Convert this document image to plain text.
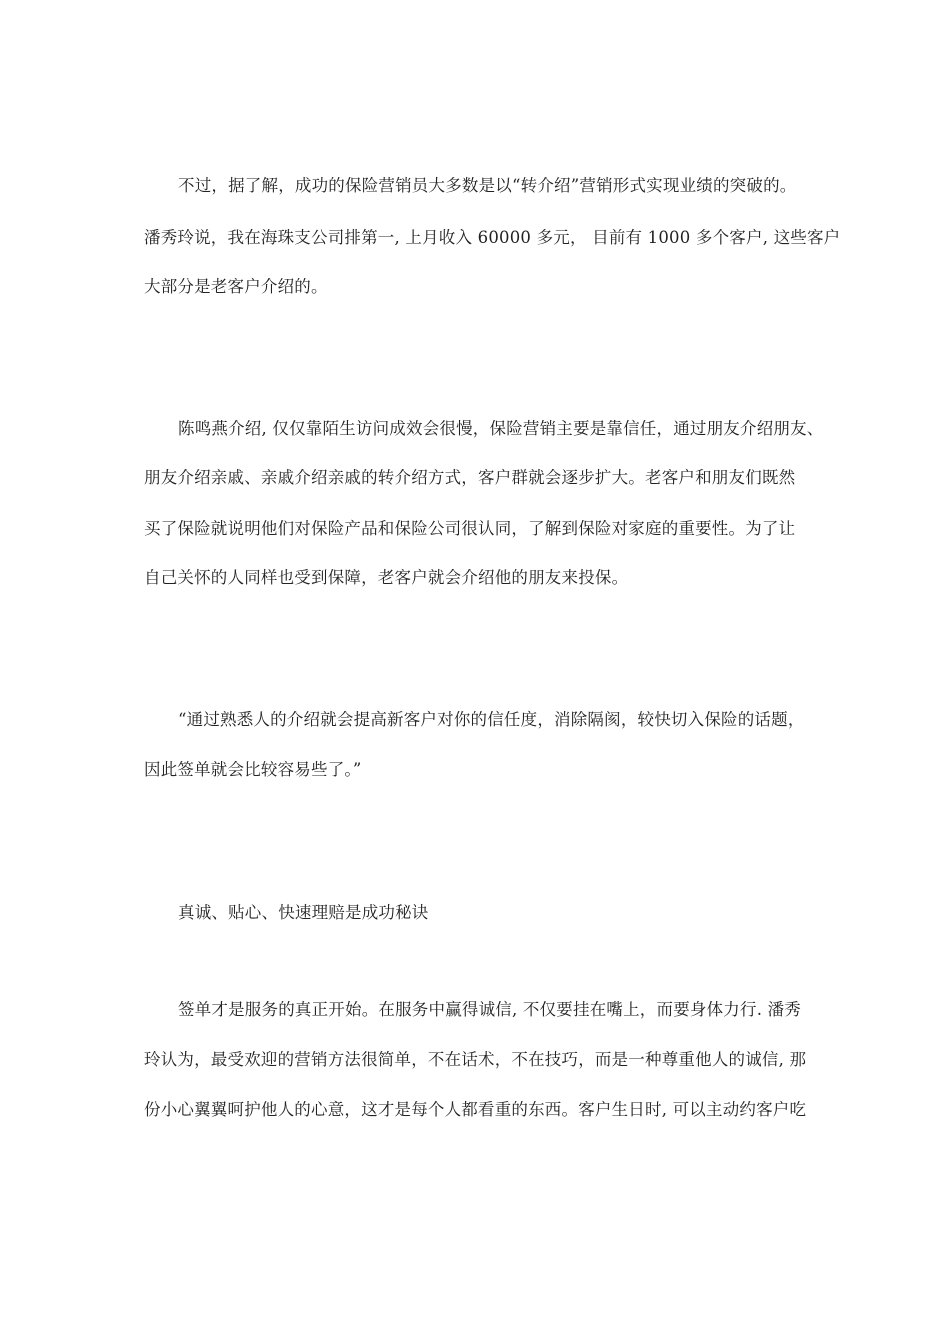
不过，据了解，成功的保险营销员大多数是以“转介绍”营销形式实现业绩的突破的。
潘秀玲说，我在海珠支公司排第一, 上月收入 60000 多元， 目前有 1000 多个客户, 这些客户
大部分是老客户介绍的。
陈鸣燕介绍, 仅仅靠陌生访问成效会很慢，保险营销主要是靠信任，通过朋友介绍朋友、
朋友介绍亲戚、亲戚介绍亲戚的转介绍方式，客户群就会逐步扩大。老客户和朋友们既然
买了保险就说明他们对保险产品和保险公司很认同，了解到保险对家庭的重要性。为了让
自己关怀的人同样也受到保障，老客户就会介绍他的朋友来投保。
“通过熟悉人的介绍就会提高新客户对你的信任度，消除隔阂，较快切入保险的话题，
因此签单就会比较容易些了。”
真诚、贴心、快速理赔是成功秘诀
签单才是服务的真正开始。在服务中赢得诚信, 不仅要挂在嘴上，而要身体力行. 潘秀
玲认为，最受欢迎的营销方法很简单，不在话术，不在技巧，而是一种尊重他人的诚信, 那
份小心翼翼呵护他人的心意，这才是每个人都看重的东西。客户生日时, 可以主动约客户吃
